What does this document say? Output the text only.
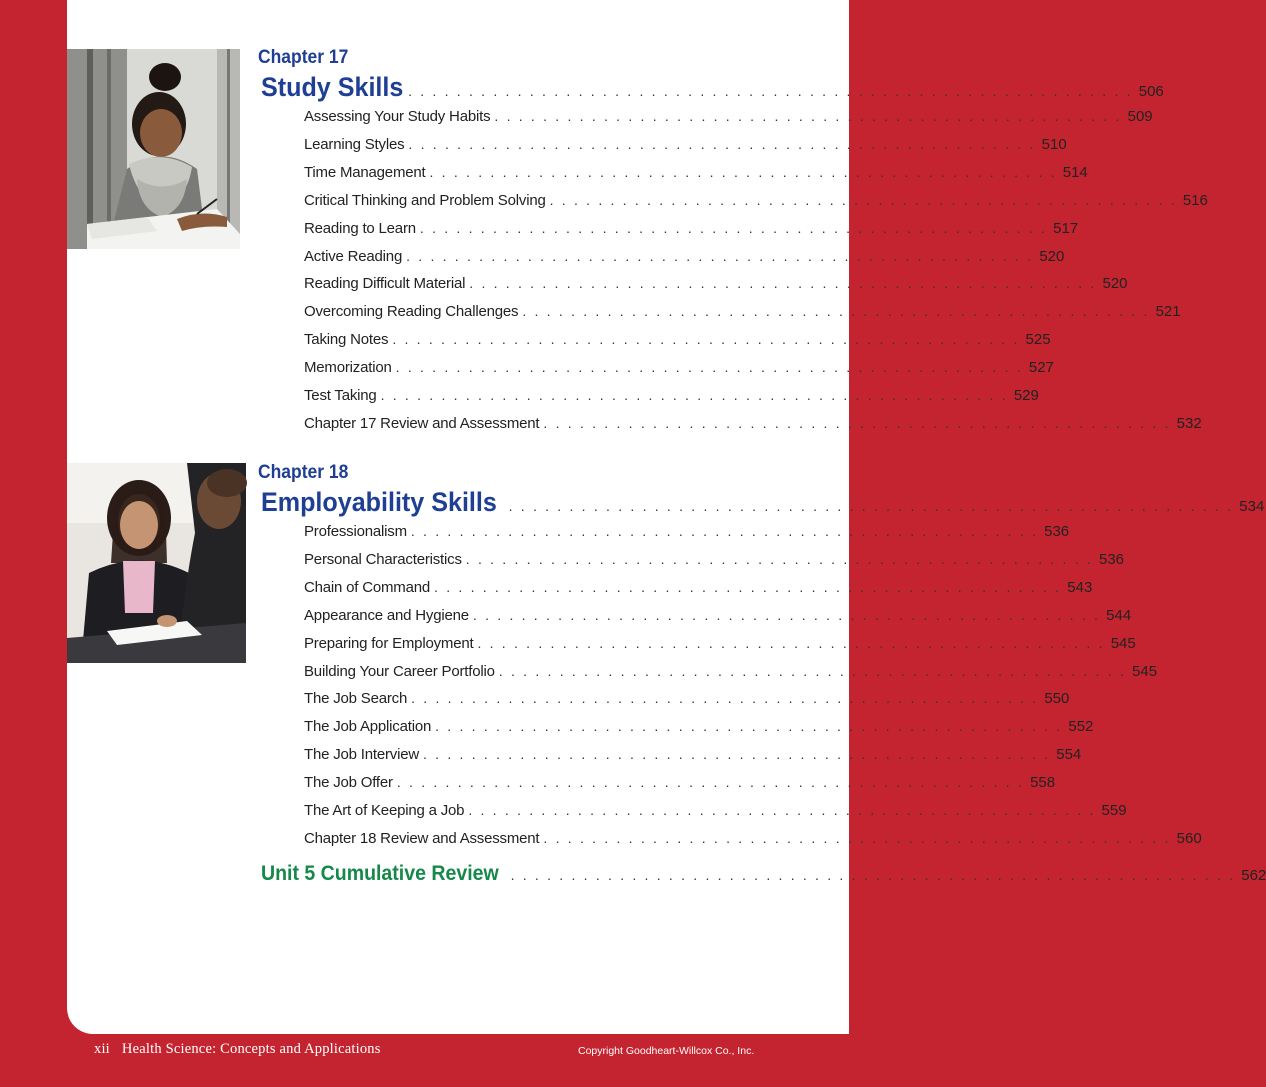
Chapter 17
Study Skills . . . . . . . . . . . . . . . . . . . . . . . . . . . . . . . . . . . . . . . . . . . . . . . . . . . . . . . . . . . . 506
Assessing Your Study Habits . . . . . . . . . . . . . . . . . . . . . . . . . . . . . . . . . . . . . . . . . . . . . . . . . . . . 509
Learning Styles . . . . . . . . . . . . . . . . . . . . . . . . . . . . . . . . . . . . . . . . . . . . . . . . . . . . 510
Time Management . . . . . . . . . . . . . . . . . . . . . . . . . . . . . . . . . . . . . . . . . . . . . . . . . . . . 514
Critical Thinking and Problem Solving . . . . . . . . . . . . . . . . . . . . . . . . . . . . . . . . . . . . . . . . . . . . . . . . . . . . 516
Reading to Learn . . . . . . . . . . . . . . . . . . . . . . . . . . . . . . . . . . . . . . . . . . . . . . . . . . . . 517
Active Reading . . . . . . . . . . . . . . . . . . . . . . . . . . . . . . . . . . . . . . . . . . . . . . . . . . . . 520
Reading Difficult Material . . . . . . . . . . . . . . . . . . . . . . . . . . . . . . . . . . . . . . . . . . . . . . . . . . . . 520
Overcoming Reading Challenges . . . . . . . . . . . . . . . . . . . . . . . . . . . . . . . . . . . . . . . . . . . . . . . . . . . . 521
Taking Notes . . . . . . . . . . . . . . . . . . . . . . . . . . . . . . . . . . . . . . . . . . . . . . . . . . . . 525
Memorization . . . . . . . . . . . . . . . . . . . . . . . . . . . . . . . . . . . . . . . . . . . . . . . . . . . . 527
Test Taking . . . . . . . . . . . . . . . . . . . . . . . . . . . . . . . . . . . . . . . . . . . . . . . . . . . . 529
Chapter 17 Review and Assessment . . . . . . . . . . . . . . . . . . . . . . . . . . . . . . . . . . . . . . . . . . . . . . . . . . . . 532
Chapter 18
Employability Skills . . . . . . . . . . . . . . . . . . . . . . . . . . . . . . . . . . . . . . . . . . . . . . . . . . . . . . . . . . . . 534
Professionalism . . . . . . . . . . . . . . . . . . . . . . . . . . . . . . . . . . . . . . . . . . . . . . . . . . . . 536
Personal Characteristics . . . . . . . . . . . . . . . . . . . . . . . . . . . . . . . . . . . . . . . . . . . . . . . . . . . . 536
Chain of Command . . . . . . . . . . . . . . . . . . . . . . . . . . . . . . . . . . . . . . . . . . . . . . . . . . . . 543
Appearance and Hygiene . . . . . . . . . . . . . . . . . . . . . . . . . . . . . . . . . . . . . . . . . . . . . . . . . . . . 544
Preparing for Employment . . . . . . . . . . . . . . . . . . . . . . . . . . . . . . . . . . . . . . . . . . . . . . . . . . . . 545
Building Your Career Portfolio . . . . . . . . . . . . . . . . . . . . . . . . . . . . . . . . . . . . . . . . . . . . . . . . . . . . 545
The Job Search . . . . . . . . . . . . . . . . . . . . . . . . . . . . . . . . . . . . . . . . . . . . . . . . . . . . 550
The Job Application . . . . . . . . . . . . . . . . . . . . . . . . . . . . . . . . . . . . . . . . . . . . . . . . . . . . 552
The Job Interview . . . . . . . . . . . . . . . . . . . . . . . . . . . . . . . . . . . . . . . . . . . . . . . . . . . . 554
The Job Offer . . . . . . . . . . . . . . . . . . . . . . . . . . . . . . . . . . . . . . . . . . . . . . . . . . . . 558
The Art of Keeping a Job . . . . . . . . . . . . . . . . . . . . . . . . . . . . . . . . . . . . . . . . . . . . . . . . . . . . 559
Chapter 18 Review and Assessment . . . . . . . . . . . . . . . . . . . . . . . . . . . . . . . . . . . . . . . . . . . . . . . . . . . . 560
Unit 5 Cumulative Review . . . . . . . . . . . . . . . . . . . . . . . . . . . . . . . . . . . . . . . . . . . . . . . . . . . . . . . . . . . . 562
xii Health Science: Concepts and Applications	Copyright Goodheart-Willcox Co., Inc.
